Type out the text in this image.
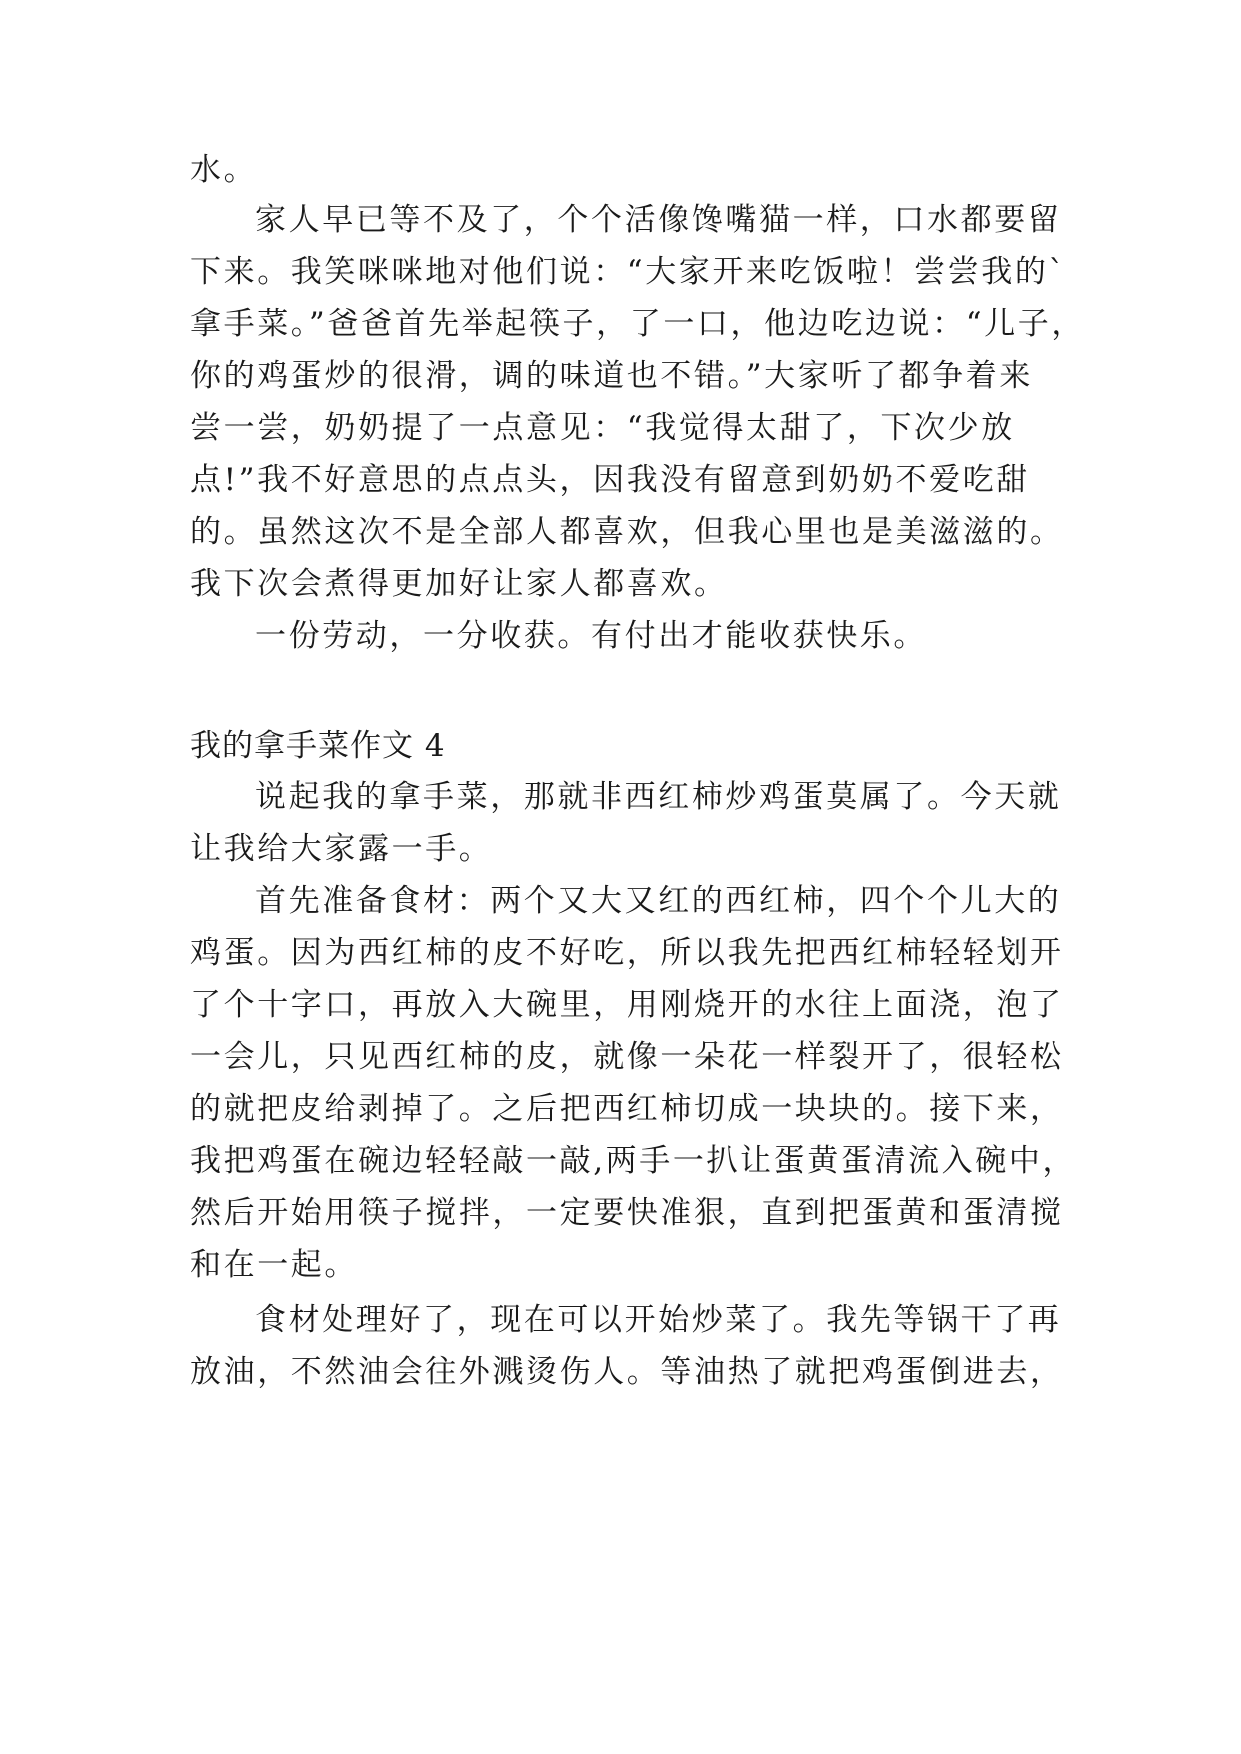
水。
家人早已等不及了，个个活像馋嘴猫一样，口水都要留
下来。我笑咪咪地对他们说：“大家开来吃饭啦！尝尝我的`
拿手菜。”爸爸首先举起筷子，了一口，他边吃边说：“儿子，
你的鸡蛋炒的很滑，调的味道也不错。”大家听了都争着来
尝一尝，奶奶提了一点意见：“我觉得太甜了，下次少放
点!”我不好意思的点点头，因我没有留意到奶奶不爱吃甜
的。虽然这次不是全部人都喜欢，但我心里也是美滋滋的。
我下次会煮得更加好让家人都喜欢。
一份劳动，一分收获。有付出才能收获快乐。
我的拿手菜作文 4
说起我的拿手菜，那就非西红柿炒鸡蛋莫属了。今天就
让我给大家露一手。
首先准备食材：两个又大又红的西红柿，四个个儿大的
鸡蛋。因为西红柿的皮不好吃，所以我先把西红柿轻轻划开
了个十字口，再放入大碗里，用刚烧开的水往上面浇，泡了
一会儿，只见西红柿的皮，就像一朵花一样裂开了，很轻松
的就把皮给剥掉了。之后把西红柿切成一块块的。接下来，
我把鸡蛋在碗边轻轻敲一敲,两手一扒让蛋黄蛋清流入碗中，
然后开始用筷子搅拌，一定要快准狠，直到把蛋黄和蛋清搅
和在一起。
食材处理好了，现在可以开始炒菜了。我先等锅干了再
放油，不然油会往外溅烫伤人。等油热了就把鸡蛋倒进去，
